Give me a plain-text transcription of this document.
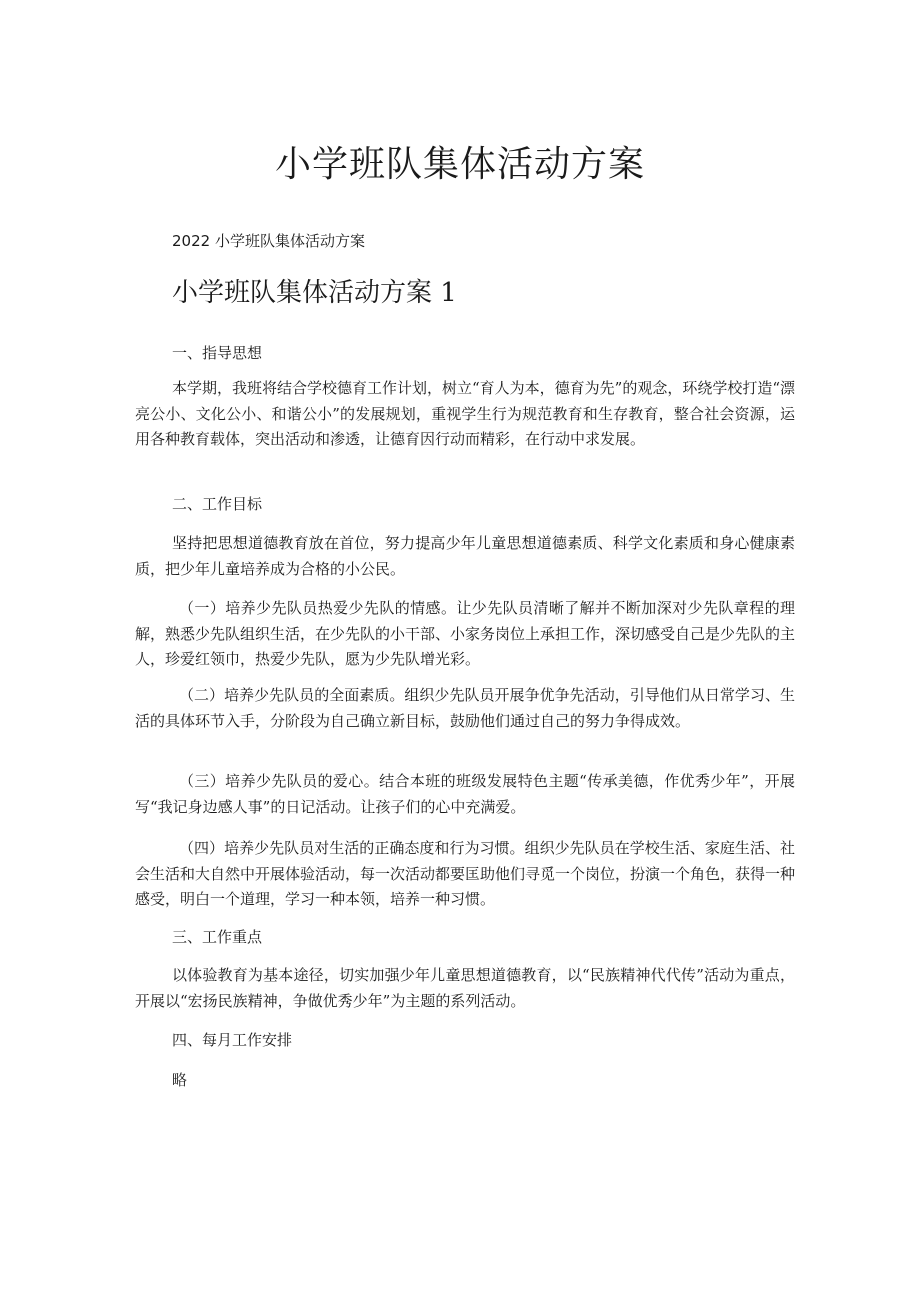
小学班队集体活动方案

2022 小学班队集体活动方案

小学班队集体活动方案 1

一、指导思想

本学期，我班将结合学校德育工作计划，树立“育人为本，德育为先”的观念，环绕学校打造“漂亮公小、文化公小、和谐公小”的发展规划，重视学生行为规范教育和生存教育，整合社会资源，运用各种教育载体，突出活动和渗透，让德育因行动而精彩，在行动中求发展。

二、工作目标

坚持把思想道德教育放在首位，努力提高少年儿童思想道德素质、科学文化素质和身心健康素质，把少年儿童培养成为合格的小公民。

（一）培养少先队员热爱少先队的情感。让少先队员清晰了解并不断加深对少先队章程的理解，熟悉少先队组织生活，在少先队的小干部、小家务岗位上承担工作，深切感受自己是少先队的主人，珍爱红领巾，热爱少先队，愿为少先队增光彩。

（二）培养少先队员的全面素质。组织少先队员开展争优争先活动，引导他们从日常学习、生活的具体环节入手，分阶段为自己确立新目标，鼓励他们通过自己的努力争得成效。

（三）培养少先队员的爱心。结合本班的班级发展特色主题“传承美德，作优秀少年”，开展写“我记身边感人事”的日记活动。让孩子们的心中充满爱。

（四）培养少先队员对生活的正确态度和行为习惯。组织少先队员在学校生活、家庭生活、社会生活和大自然中开展体验活动，每一次活动都要匡助他们寻觅一个岗位，扮演一个角色，获得一种感受，明白一个道理，学习一种本领，培养一种习惯。

三、工作重点

以体验教育为基本途径，切实加强少年儿童思想道德教育，以“民族精神代代传”活动为重点，开展以“宏扬民族精神，争做优秀少年”为主题的系列活动。

四、每月工作安排

略
